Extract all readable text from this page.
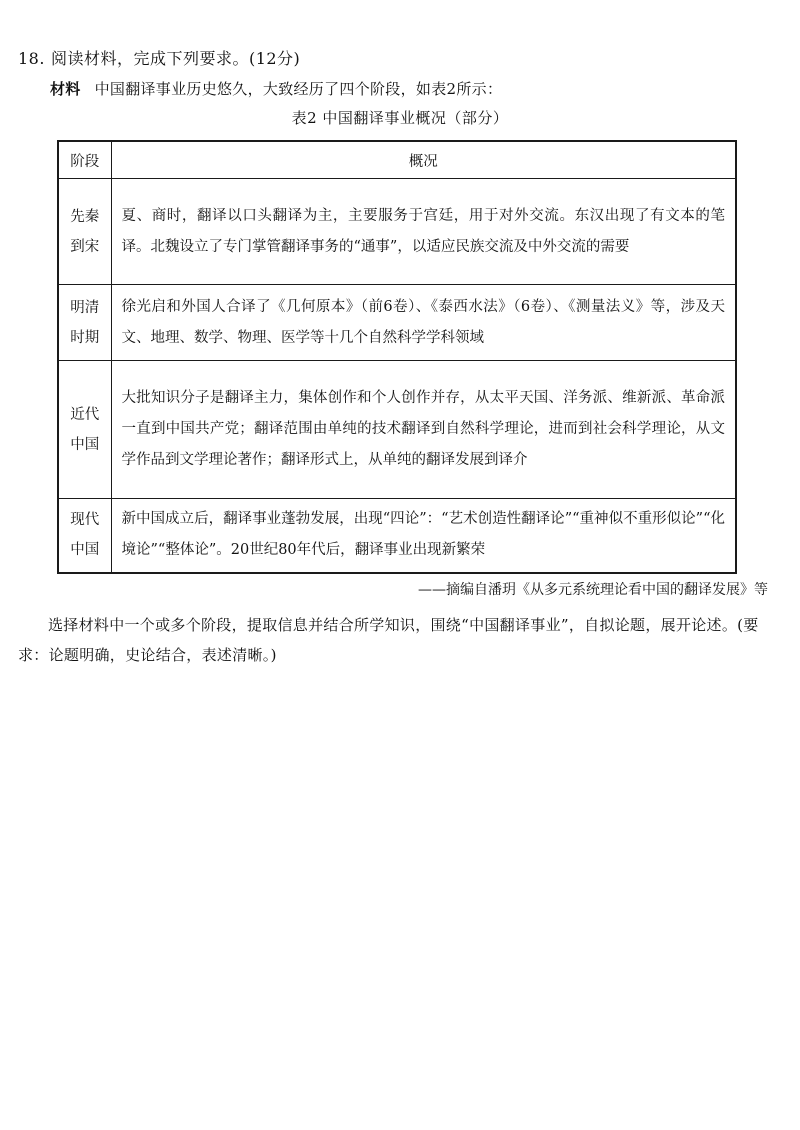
18. 阅读材料，完成下列要求。(12分)
材料 中国翻译事业历史悠久，大致经历了四个阶段，如表2所示：
表2 中国翻译事业概况（部分）
阶段	概况

先秦到宋	夏、商时，翻译以口头翻译为主，主要服务于宫廷，用于对外交流。东汉出现了有文本的笔译。北魏设立了专门掌管翻译事务的“通事”，以适应民族交流及中外交流的需要

明清时期	徐光启和外国人合译了《几何原本》（前6卷）、《泰西水法》（6卷）、《测量法义》等，涉及天文、地理、数学、物理、医学等十几个自然科学学科领域

近代中国	大批知识分子是翻译主力，集体创作和个人创作并存，从太平天国、洋务派、维新派、革命派一直到中国共产党；翻译范围由单纯的技术翻译到自然科学理论，进而到社会科学理论，从文学作品到文学理论著作；翻译形式上，从单纯的翻译发展到译介

现代中国	新中国成立后，翻译事业蓬勃发展，出现“四论”：“艺术创造性翻译论”“重神似不重形似论”“化境论”“整体论”。20世纪80年代后，翻译事业出现新繁荣
——摘编自潘玥《从多元系统理论看中国的翻译发展》等
选择材料中一个或多个阶段，提取信息并结合所学知识，围绕“中国翻译事业”，自拟论题，展开论述。(要求：论题明确，史论结合，表述清晰。)
